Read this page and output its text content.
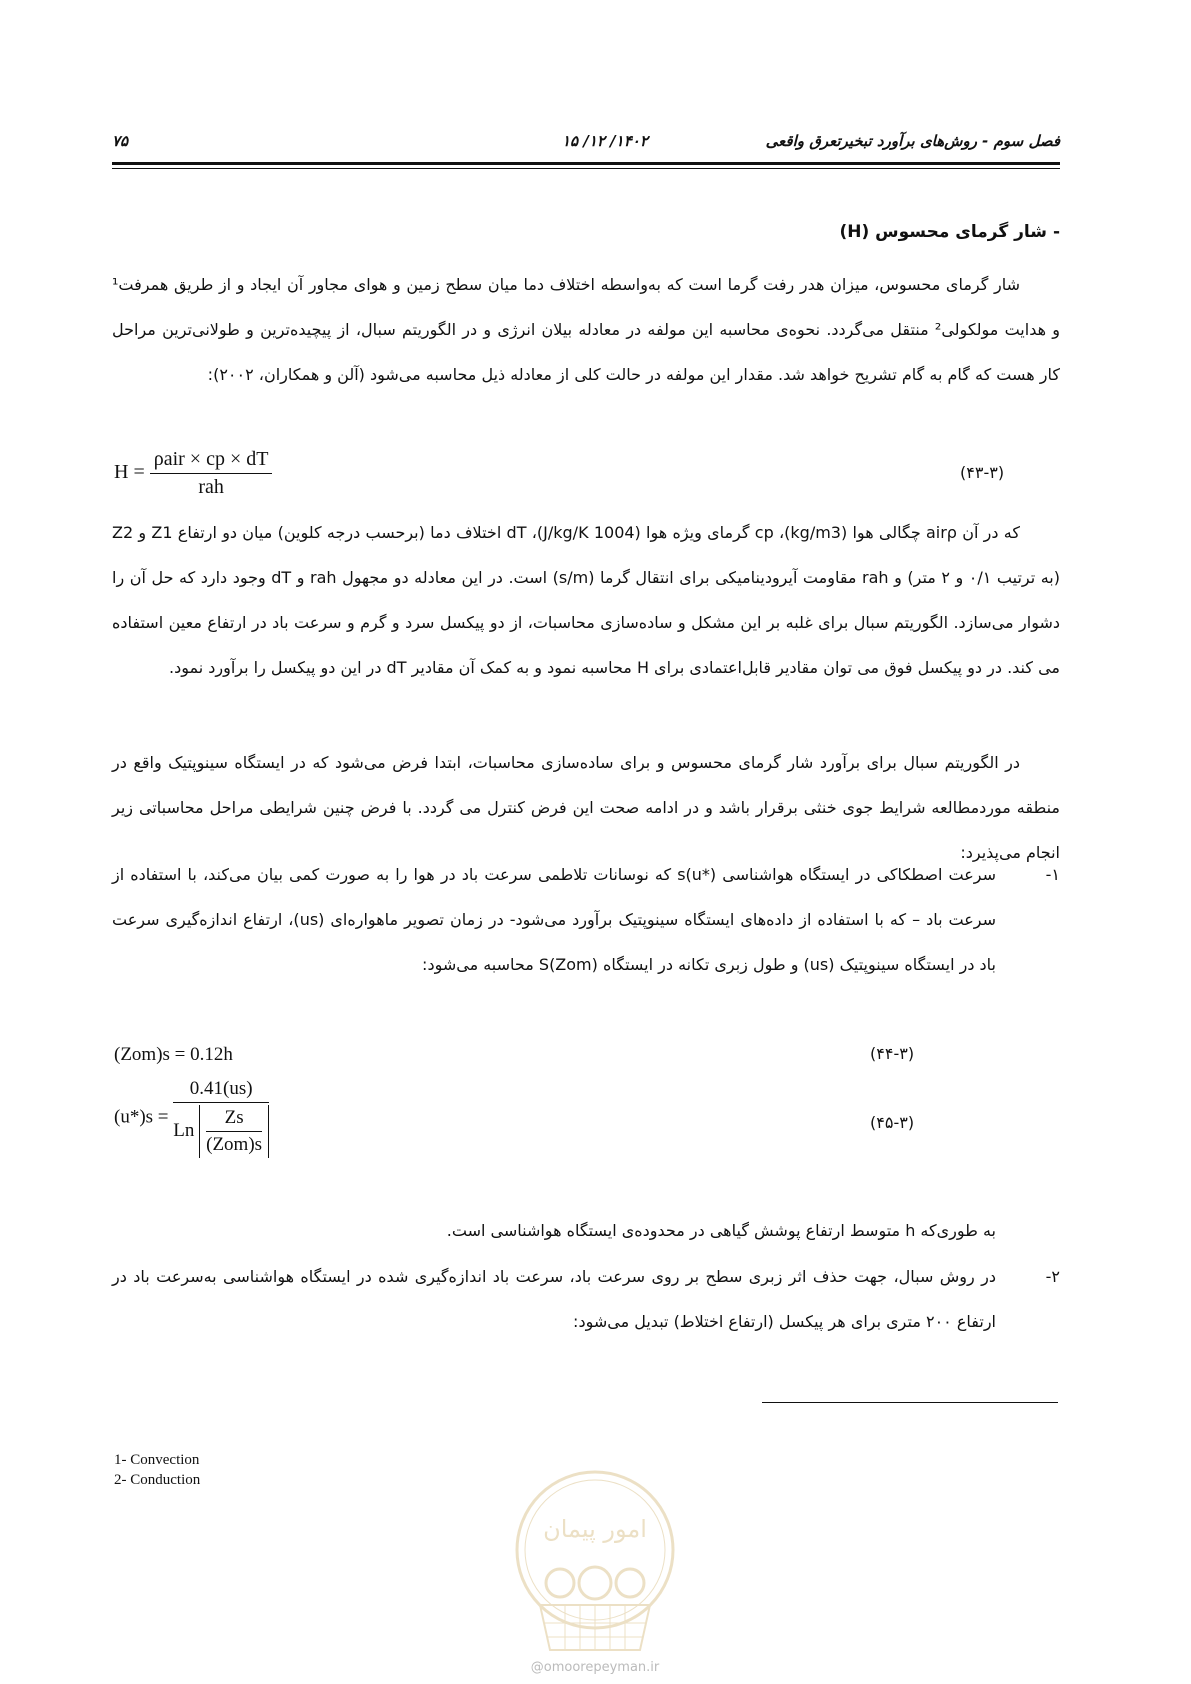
فصل سوم - روش‌های برآورد تبخیرتعرق واقعی
۱۴۰۲/ ۱۲/ ۱۵
۷۵
- شار گرمای محسوس (H)

شار گرمای محسوس، میزان هدر رفت گرما است که به‌واسطه اختلاف دما میان سطح زمین و هوای مجاور آن ایجاد و از طریق همرفت¹ و هدایت مولکولی² منتقل می‌گردد. نحوه‌ی محاسبه این مولفه در معادله بیلان انرژی و در الگوریتم سبال، از پیچیده‌ترین و طولانی‌ترین مراحل کار هست که گام به گام تشریح خواهد شد. مقدار این مولفه در حالت کلی از معادله ذیل محاسبه می‌شود (آلن و همکاران، ۲۰۰۲):

$H = \frac{\text{ρair × cp × dT}}{\text{rah}}$	(۴۳-۳)

که در آن airρ چگالی هوا (kg/m3)، cp گرمای ویژه هوا (1004 J/kg/K)، dT اختلاف دما (برحسب درجه کلوین) میان دو ارتفاع Z1 و Z2 (به ترتیب ۰/۱ و ۲ متر) و rah مقاومت آیرودینامیکی برای انتقال گرما (s/m) است. در این معادله دو مجهول rah و dT وجود دارد که حل آن را دشوار می‌سازد. الگوریتم سبال برای غلبه بر این مشکل و ساده‌سازی محاسبات، از دو پیکسل سرد و گرم و سرعت باد در ارتفاع معین استفاده می کند. در دو پیکسل فوق می توان مقادیر قابل‌اعتمادی برای H محاسبه نمود و به کمک آن مقادیر dT در این دو پیکسل را برآورد نمود.

در الگوریتم سبال برای برآورد شار گرمای محسوس و برای ساده‌سازی محاسبات، ابتدا فرض می‌شود که در ایستگاه سینوپتیک واقع در منطقه موردمطالعه شرایط جوی خنثی برقرار باشد و در ادامه صحت این فرض کنترل می گردد. با فرض چنین شرایطی مراحل محاسباتی زیر انجام می‌پذیرد:

۱-
سرعت اصطکاکی در ایستگاه هواشناسی s(u*) که نوسانات تلاطمی سرعت باد در هوا را به صورت کمی بیان می‌کند، با استفاده از سرعت باد – که با استفاده از داده‌های ایستگاه سینوپتیک برآورد می‌شود- در زمان تصویر ماهواره‌ای (us)، ارتفاع اندازه‌گیری سرعت باد در ایستگاه سینوپتیک (us) و طول زبری تکانه در ایستگاه S(Zom) محاسبه می‌شود:
(Zom)s = 0.12h	(۴۴-۳)
$(u*)s = \frac{0.41(us)}{Ln \frac{Zs}{\text{(Zom)s}}}$	(۴۵-۳)
به طوری‌که h متوسط ارتفاع پوشش گیاهی در محدوده‌ی ایستگاه هواشناسی است.
۲-
در روش سبال، جهت حذف اثر زبری سطح بر روی سرعت باد، سرعت باد اندازه‌گیری شده در ایستگاه هواشناسی به‌سرعت باد در ارتفاع ۲۰۰ متری برای هر پیکسل (ارتفاع اختلاط) تبدیل می‌شود:
1- Convection
2- Conduction
امور پیمان
@omoorepeyman.ir
